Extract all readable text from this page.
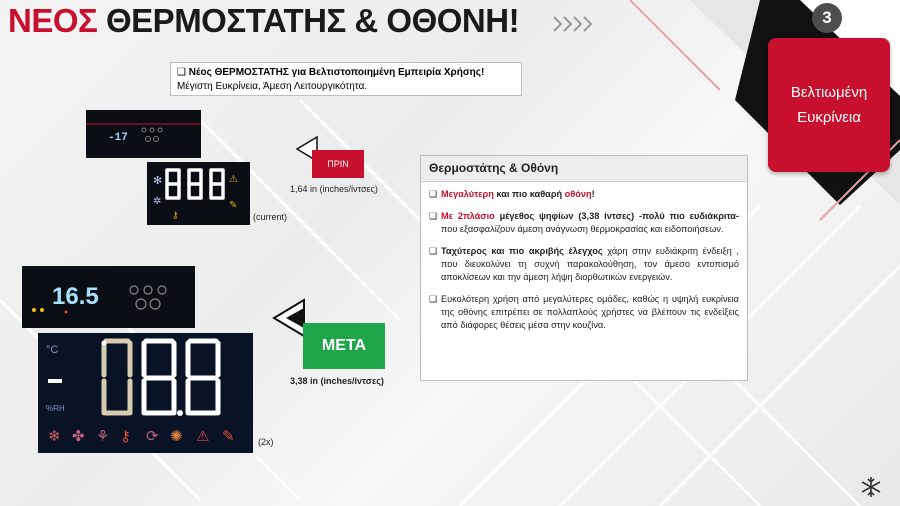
ΝΕΟΣ ΘΕΡΜΟΣΤΑΤΗΣ & ΟΘΟΝΗ!	3
Βελτιωμένη
Ευκρίνεια
❑ Νέος ΘΕΡΜΟΣΤΑΤΗΣ για Βελτιστοποιημένη Εμπειρία Χρήσης!
Μέγιστη Ευκρίνεια, Άμεση Λειτουργικότητα.
-17
✻
✲
⚷
⚠
✎
(current)
ΠΡΙΝ
1,64 in (inches/ίντσες)
16.5
°C
%RH
❄ ✤ ⚘ ⚷ ⟳ ✺ ⚠ ✎	(2x)
ΜΕΤΑ
3,38 in (inches/ίντσες)
Θερμοστάτης & Οθόνη
❑ Μεγαλύτερη και πιο καθαρή οθόνη!
❑ Με 2πλάσιο μέγεθος ψηφίων (3,38 ίντσες) -πολύ πιο ευδιάκριτα- που εξασφαλίζουν άμεση ανάγνωση θερμοκρασίας και ειδοποιήσεων.
❑ Ταχύτερος και πιο ακριβής έλεγχος χάρη στην ευδιάκριτη ένδειξη , που διευκολύνει τη συχνή παρακολούθηση, τον άμεσο εντοπισμό αποκλίσεων και την άμεση λήψη διορθωτικών ενεργειών.
❑ Ευκολότερη χρήση από μεγαλύτερες ομάδες, καθώς η υψηλή ευκρίνεια της οθόνης επιτρέπει σε πολλαπλούς χρήστες να βλέπουν τις ενδείξεις από διάφορες θέσεις μέσα στην κουζίνα.
